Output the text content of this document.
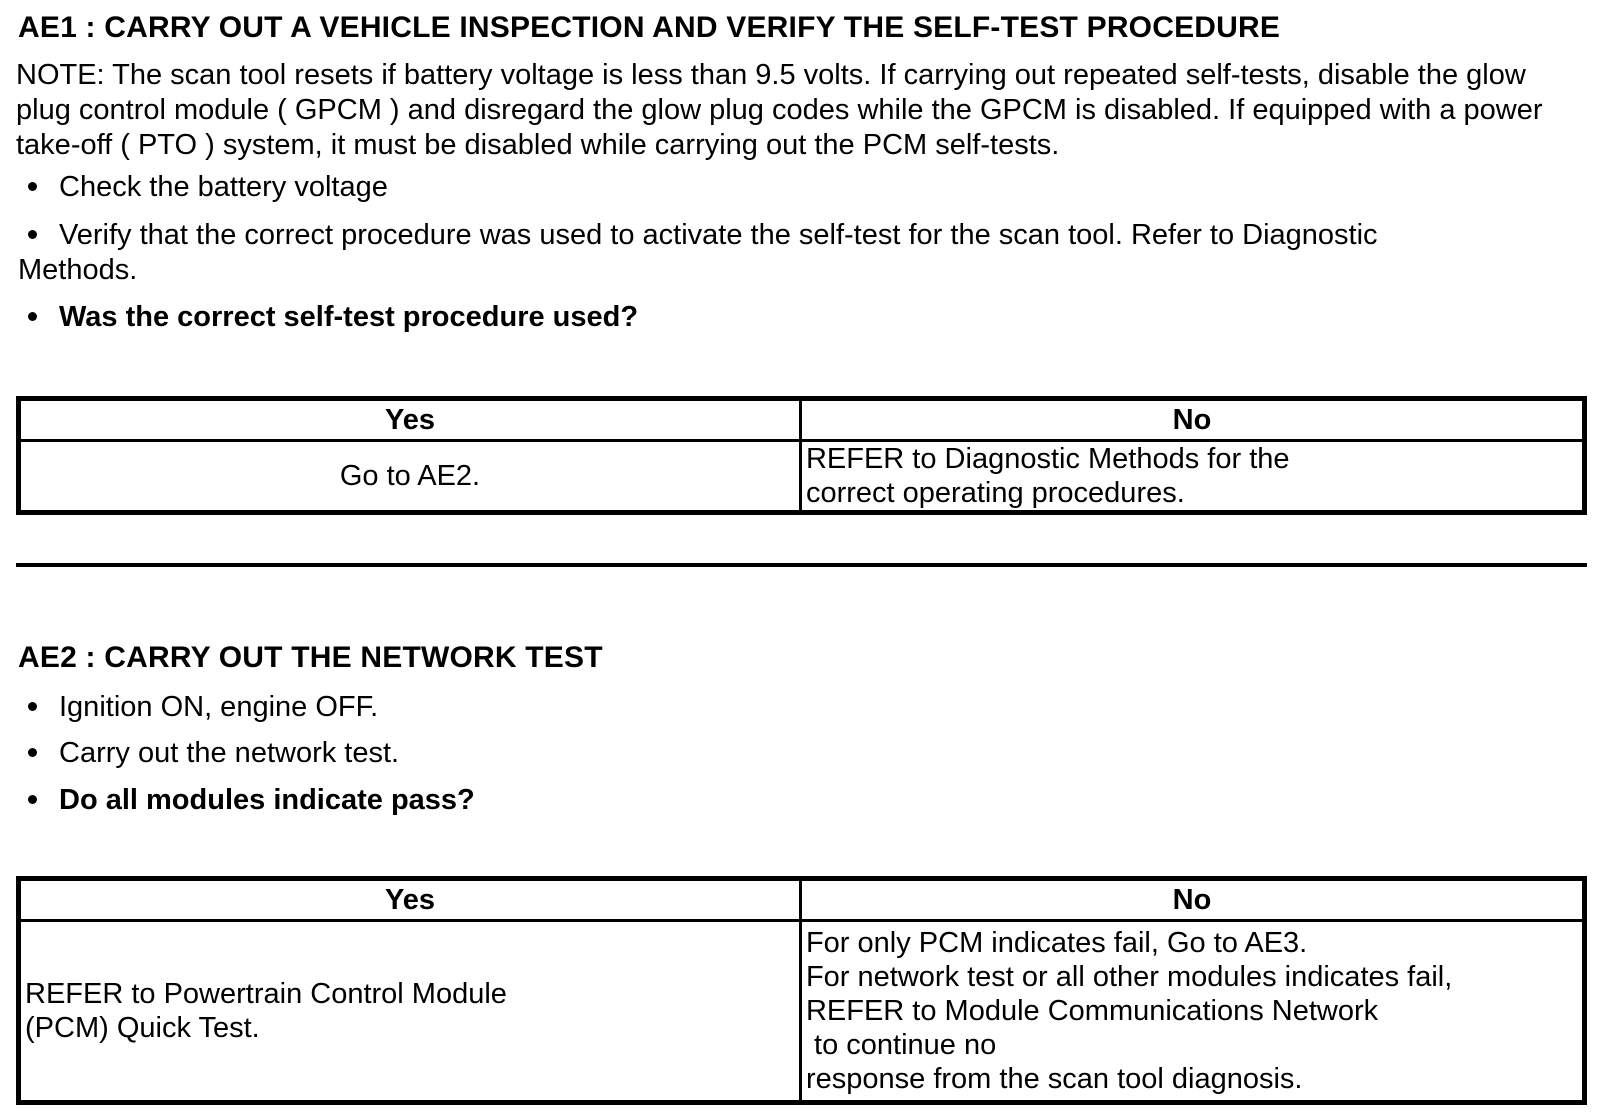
AE1 : CARRY OUT A VEHICLE INSPECTION AND VERIFY THE SELF-TEST PROCEDURE

NOTE: The scan tool resets if battery voltage is less than 9.5 volts. If carrying out repeated self-tests, disable the glow plug control module ( GPCM ) and disregard the glow plug codes while the GPCM is disabled. If equipped with a power take-off ( PTO ) system, it must be disabled while carrying out the PCM self-tests.

Check the battery voltage
Verify that the correct procedure was used to activate the self-test for the scan tool. Refer to Diagnostic Methods.
Was the correct self-test procedure used?
Yes	No
Go to AE2.	REFER to Diagnostic Methods for the correct operating procedures.
AE2 : CARRY OUT THE NETWORK TEST
Ignition ON, engine OFF.
Carry out the network test.
Do all modules indicate pass?
Yes	No

REFER to Powertrain Control Module (PCM) Quick Test.	For only PCM indicates fail, Go to AE3.
For network test or all other modules indicates fail,
REFER to Module Communications Network
to continue no
response from the scan tool diagnosis.
